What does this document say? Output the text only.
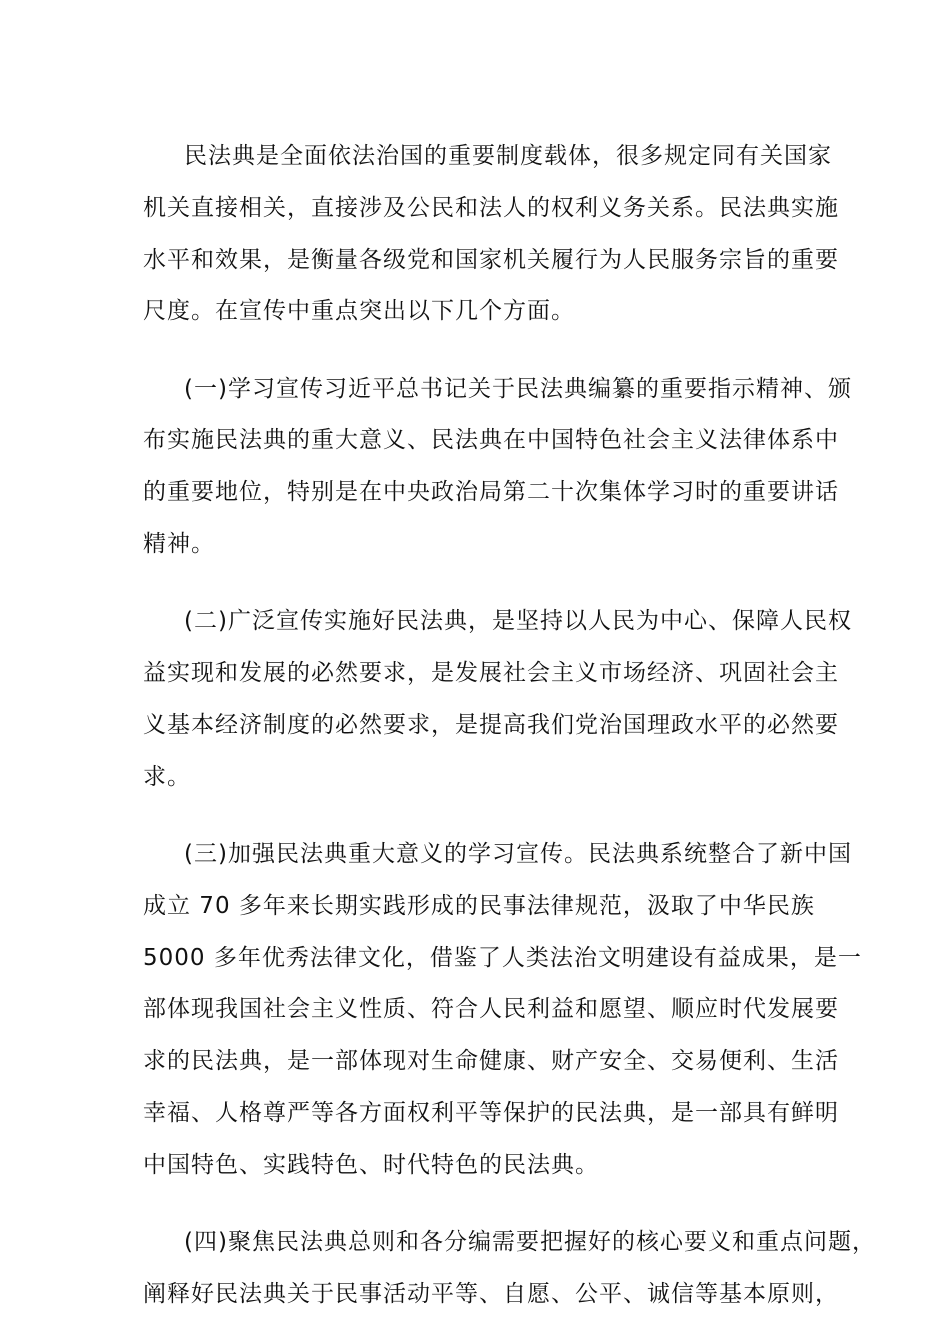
民法典是全面依法治国的重要制度载体，很多规定同有关国家
机关直接相关，直接涉及公民和法人的权利义务关系。民法典实施
水平和效果，是衡量各级党和国家机关履行为人民服务宗旨的重要
尺度。在宣传中重点突出以下几个方面。
(一)学习宣传习近平总书记关于民法典编纂的重要指示精神、颁
布实施民法典的重大意义、民法典在中国特色社会主义法律体系中
的重要地位，特别是在中央政治局第二十次集体学习时的重要讲话
精神。
(二)广泛宣传实施好民法典，是坚持以人民为中心、保障人民权
益实现和发展的必然要求，是发展社会主义市场经济、巩固社会主
义基本经济制度的必然要求，是提高我们党治国理政水平的必然要
求。
(三)加强民法典重大意义的学习宣传。民法典系统整合了新中国
成立 70 多年来长期实践形成的民事法律规范，汲取了中华民族
5000 多年优秀法律文化，借鉴了人类法治文明建设有益成果，是一
部体现我国社会主义性质、符合人民利益和愿望、顺应时代发展要
求的民法典，是一部体现对生命健康、财产安全、交易便利、生活
幸福、人格尊严等各方面权利平等保护的民法典，是一部具有鲜明
中国特色、实践特色、时代特色的民法典。
(四)聚焦民法典总则和各分编需要把握好的核心要义和重点问题，
阐释好民法典关于民事活动平等、自愿、公平、诚信等基本原则，
